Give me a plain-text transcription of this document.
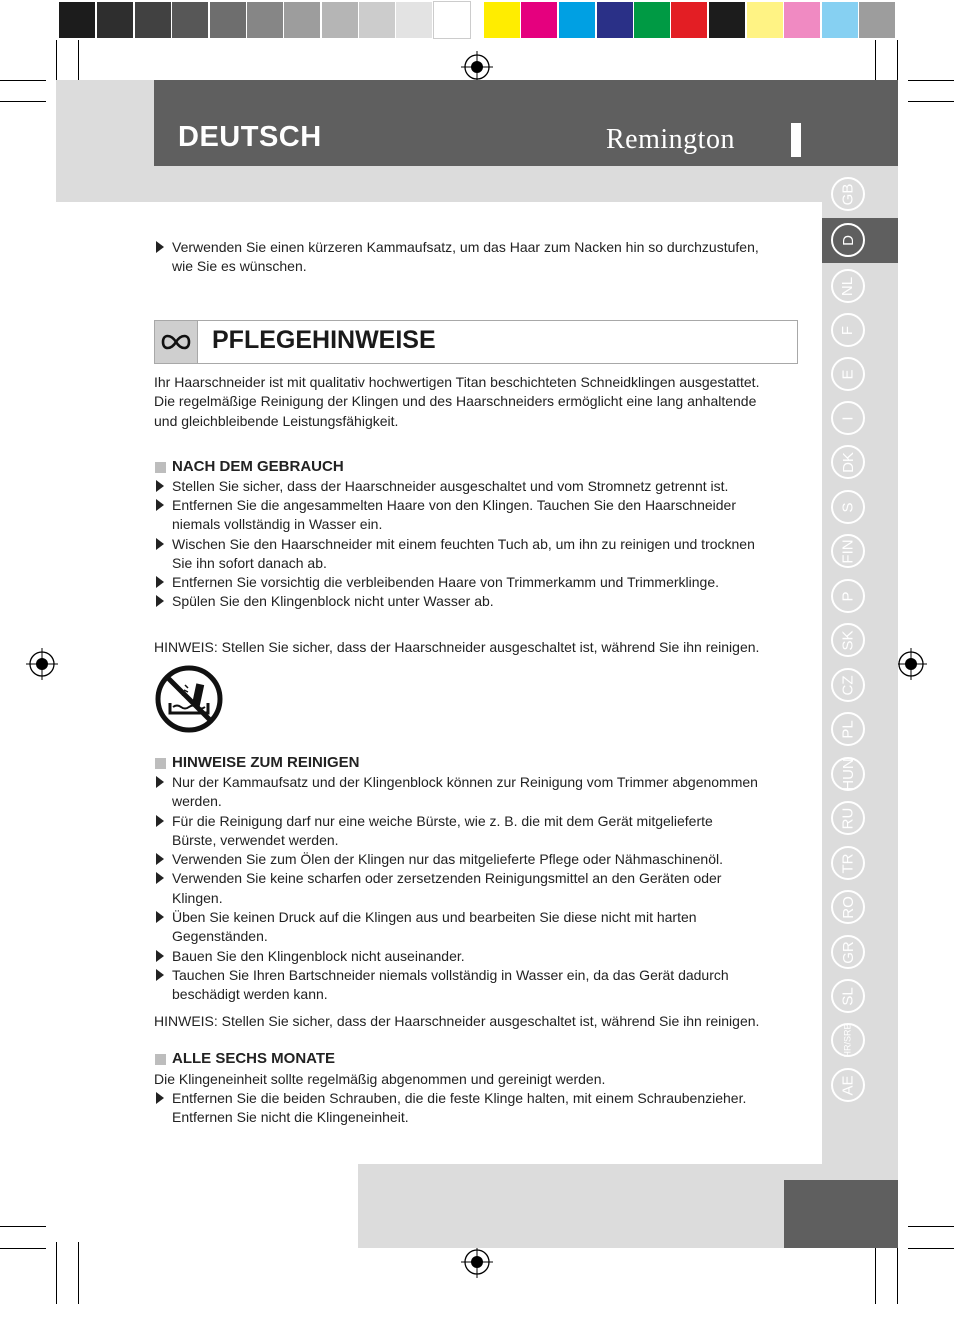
DEUTSCH	Remington
GB
D
NL
F
E
I
DK
S
FIN
P
SK
CZ
PL
HUN
RU
TR
RO
GR
SL
HR/SRB
AE
Verwenden Sie einen kürzeren Kammaufsatz, um das Haar zum Nacken hin so durchzustufen,
wie Sie es wünschen.
PFLEGEHINWEISE
Ihr Haarschneider ist mit qualitativ hochwertigen Titan beschichteten Schneidklingen ausgestattet.
Die regelmäßige Reinigung der Klingen und des Haarschneiders ermöglicht eine lang anhaltende
und gleichbleibende Leistungsfähigkeit.
NACH DEM GEBRAUCH
Stellen Sie sicher, dass der Haarschneider ausgeschaltet und vom Stromnetz getrennt ist.
Entfernen Sie die angesammelten Haare von den Klingen. Tauchen Sie den Haarschneider
niemals vollständig in Wasser ein.
Wischen Sie den Haarschneider mit einem feuchten Tuch ab, um ihn zu reinigen und trocknen
Sie ihn sofort danach ab.
Entfernen Sie vorsichtig die verbleibenden Haare von Trimmerkamm und Trimmerklinge.
Spülen Sie den Klingenblock nicht unter Wasser ab.
HINWEIS: Stellen Sie sicher, dass der Haarschneider ausgeschaltet ist, während Sie ihn reinigen.
HINWEISE ZUM REINIGEN
Nur der Kammaufsatz und der Klingenblock können zur Reinigung vom Trimmer abgenommen
werden.
Für die Reinigung darf nur eine weiche Bürste, wie z. B. die mit dem Gerät mitgelieferte
Bürste, verwendet werden.
Verwenden Sie zum Ölen der Klingen nur das mitgelieferte Pflege oder Nähmaschinenöl.
Verwenden Sie keine scharfen oder zersetzenden Reinigungsmittel an den Geräten oder
Klingen.
Üben Sie keinen Druck auf die Klingen aus und bearbeiten Sie diese nicht mit harten
Gegenständen.
Bauen Sie den Klingenblock nicht auseinander.
Tauchen Sie Ihren Bartschneider niemals vollständig in Wasser ein, da das Gerät dadurch
beschädigt werden kann.
HINWEIS: Stellen Sie sicher, dass der Haarschneider ausgeschaltet ist, während Sie ihn reinigen.
ALLE SECHS MONATE
Die Klingeneinheit sollte regelmäßig abgenommen und gereinigt werden.
Entfernen Sie die beiden Schrauben, die die feste Klinge halten, mit einem Schraubenzieher.
Entfernen Sie nicht die Klingeneinheit.
